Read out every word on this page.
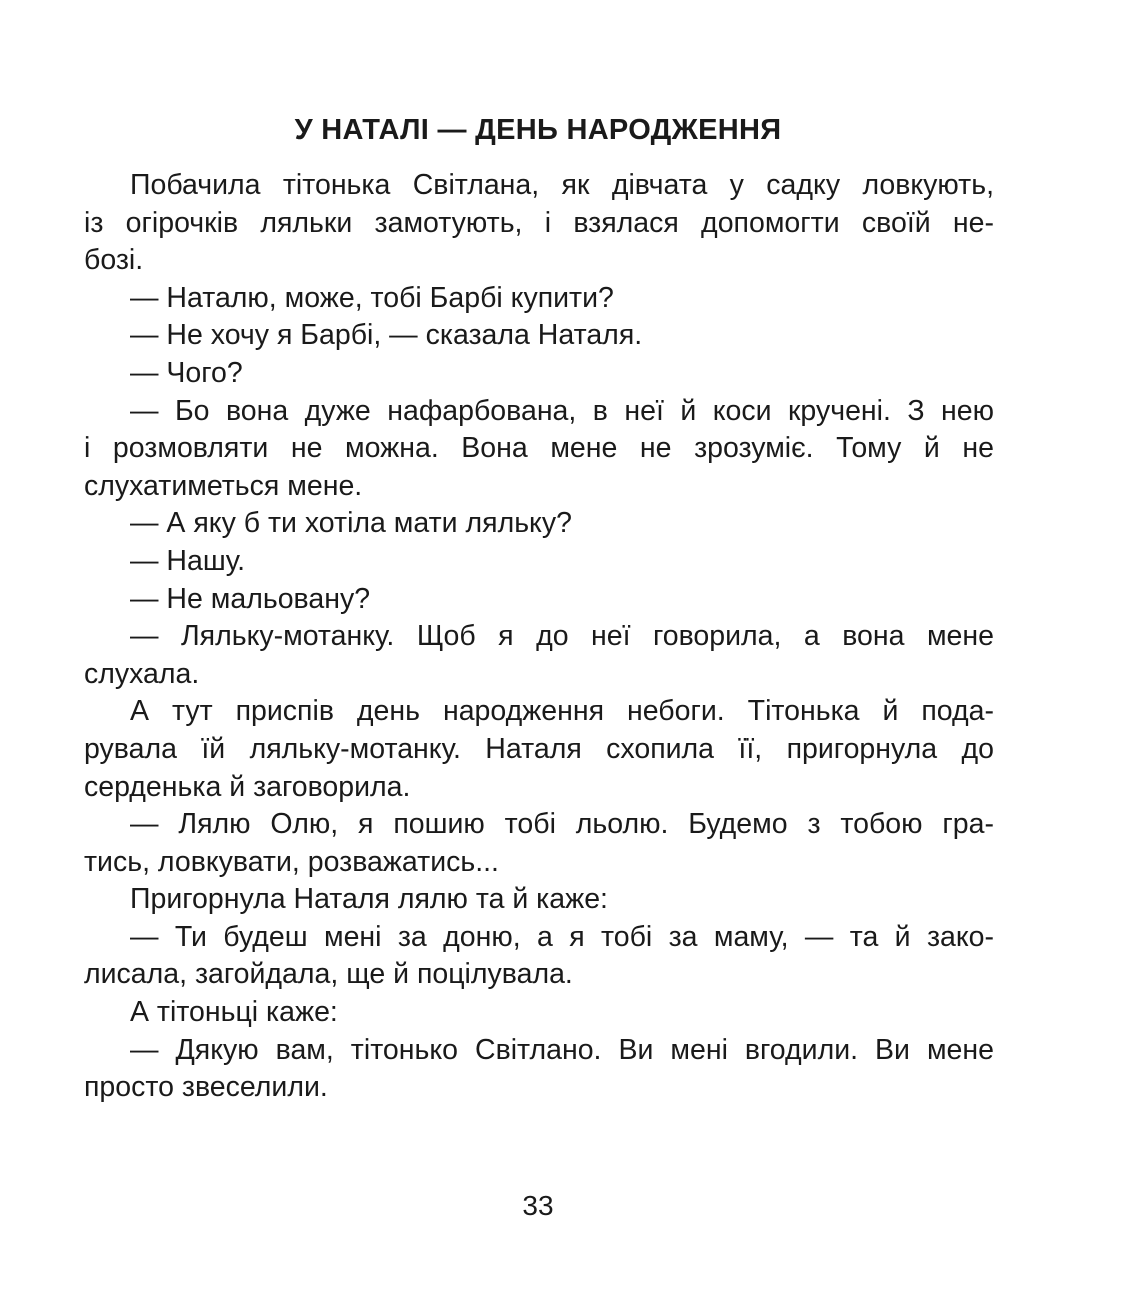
У НАТАЛІ — ДЕНЬ НАРОДЖЕННЯ
Побачила тітонька Світлана, як дівчата у садку ловкують,
із огірочків ляльки замотують, і взялася допомогти своїй не-
бозі.
— Наталю, може, тобі Барбі купити?
— Не хочу я Барбі, — сказала Наталя.
— Чого?
— Бо вона дуже нафарбована, в неї й коси кручені. З нею
і розмовляти не можна. Вона мене не зрозуміє. Тому й не
слухатиметься мене.
— А яку б ти хотіла мати ляльку?
— Нашу.
— Не мальовану?
— Ляльку-мотанку. Щоб я до неї говорила, а вона мене
слухала.
А тут приспів день народження небоги. Тітонька й пода-
рувала їй ляльку-мотанку. Наталя схопила її, пригорнула до
серденька й заговорила.
— Лялю Олю, я пошию тобі льолю. Будемо з тобою гра-
тись, ловкувати, розважатись...
Пригорнула Наталя лялю та й каже:
— Ти будеш мені за доню, а я тобі за маму, — та й зако-
лисала, загойдала, ще й поцілувала.
А тітоньці каже:
— Дякую вам, тітонько Світлано. Ви мені вгодили. Ви мене
просто звеселили.
33
